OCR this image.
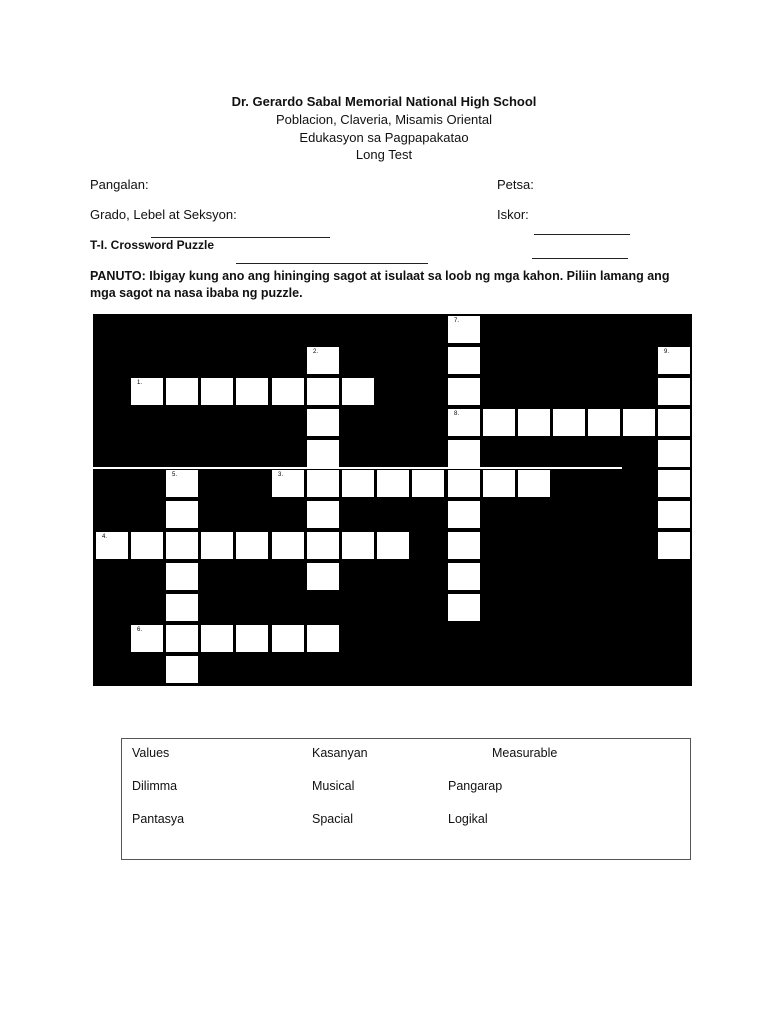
Dr. Gerardo Sabal Memorial National High School
Poblacion, Claveria, Misamis Oriental
Edukasyon sa Pagpapakatao
Long Test
Pangalan:	Petsa:
Grado, Lebel at Seksyon:	Iskor:
T-I. Crossword Puzzle
PANUTO: Ibigay kung ano ang hininging sagot at isulaat sa loob ng mga kahon. Piliin lamang ang mga sagot na nasa ibaba ng puzzle.
1.
2.
3.
4.
5.
6.
7.
8.
9.
Values	Kasanyan	Measurable
Dilimma	Musical	Pangarap
Pantasya	Spacial	Logikal
